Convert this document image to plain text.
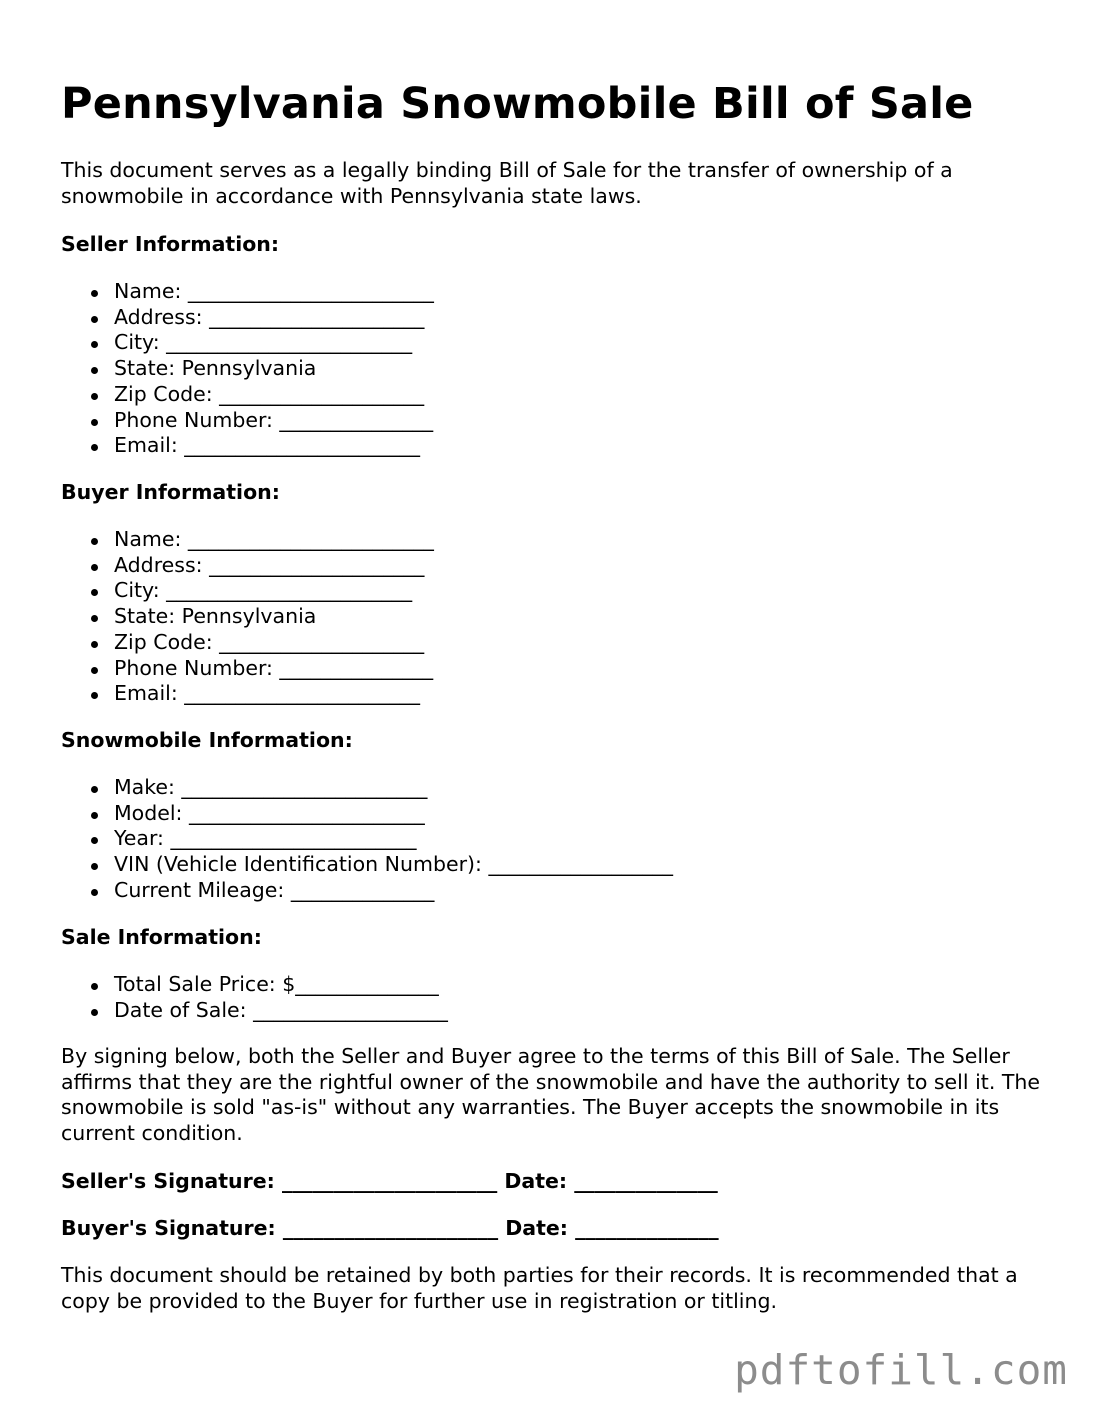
Pennsylvania Snowmobile Bill of Sale

This document serves as a legally binding Bill of Sale for the transfer of ownership of a snowmobile in accordance with Pennsylvania state laws.

Seller Information:

Name: ________________________
Address: _____________________
City: ________________________
State: Pennsylvania
Zip Code: ____________________
Phone Number: _______________
Email: _______________________

Buyer Information:

Name: ________________________
Address: _____________________
City: ________________________
State: Pennsylvania
Zip Code: ____________________
Phone Number: _______________
Email: _______________________

Snowmobile Information:

Make: ________________________
Model: _______________________
Year: ________________________
VIN (Vehicle Identification Number): __________________
Current Mileage: ______________

Sale Information:

Total Sale Price: $______________
Date of Sale: ___________________

By signing below, both the Seller and Buyer agree to the terms of this Bill of Sale. The Seller affirms that they are the rightful owner of the snowmobile and have the authority to sell it. The snowmobile is sold "as-is" without any warranties. The Buyer accepts the snowmobile in its current condition.

Seller's Signature: _____________________ Date: ______________

Buyer's Signature: _____________________ Date: ______________

This document should be retained by both parties for their records. It is recommended that a copy be provided to the Buyer for further use in registration or titling.

pdftofill.com
